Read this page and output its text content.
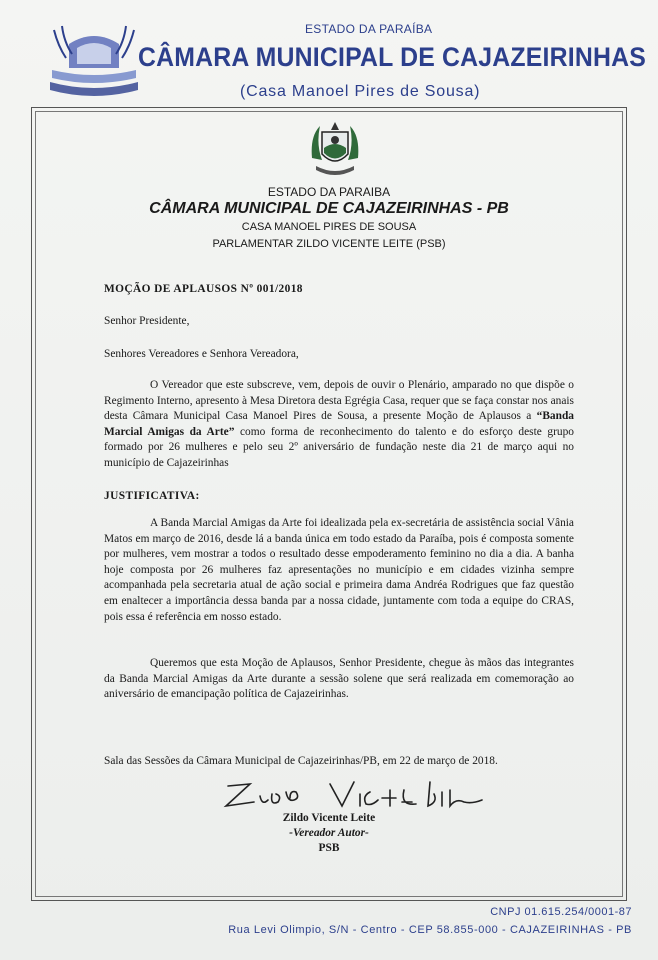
ESTADO DA PARAÍBA
CÂMARA MUNICIPAL DE CAJAZEIRINHAS
(Casa Manoel Pires de Sousa)
ESTADO DA PARAIBA
CÂMARA MUNICIPAL DE CAJAZEIRINHAS - PB
CASA MANOEL PIRES DE SOUSA
PARLAMENTAR ZILDO VICENTE LEITE (PSB)
MOÇÃO DE APLAUSOS Nº 001/2018
Senhor Presidente,
Senhores Vereadores e Senhora Vereadora,
O Vereador que este subscreve, vem, depois de ouvir o Plenário, amparado no que dispõe o Regimento Interno, apresento à Mesa Diretora desta Egrégia Casa, requer que se faça constar nos anais desta Câmara Municipal Casa Manoel Pires de Sousa, a presente Moção de Aplausos a “Banda Marcial Amigas da Arte” como forma de reconhecimento do talento e do esforço deste grupo formado por 26 mulheres e pelo seu 2º aniversário de fundação neste dia 21 de março aqui no município de Cajazeirinhas
JUSTIFICATIVA:
A Banda Marcial Amigas da Arte foi idealizada pela ex-secretária de assistência social Vânia Matos em março de 2016, desde lá a banda única em todo estado da Paraíba, pois é composta somente por mulheres, vem mostrar a todos o resultado desse empoderamento feminino no dia a dia. A banha hoje composta por 26 mulheres faz apresentações no município e em cidades vizinha sempre acompanhada pela secretaria atual de ação social e primeira dama Andréa Rodrigues que faz questão em enaltecer a importância dessa banda par a nossa cidade, juntamente com toda a equipe do CRAS, pois essa é referência em nosso estado.
Queremos que esta Moção de Aplausos, Senhor Presidente, chegue às mãos das integrantes da Banda Marcial Amigas da Arte durante a sessão solene que será realizada em comemoração ao aniversário de emancipação política de Cajazeirinhas.
Sala das Sessões da Câmara Municipal de Cajazeirinhas/PB, em 22 de março de 2018.
Zildo Vicente Leite
-Vereador Autor-
PSB
CNPJ 01.615.254/0001-87
Rua Levi Olimpio, S/N - Centro - CEP 58.855-000 - CAJAZEIRINHAS - PB
